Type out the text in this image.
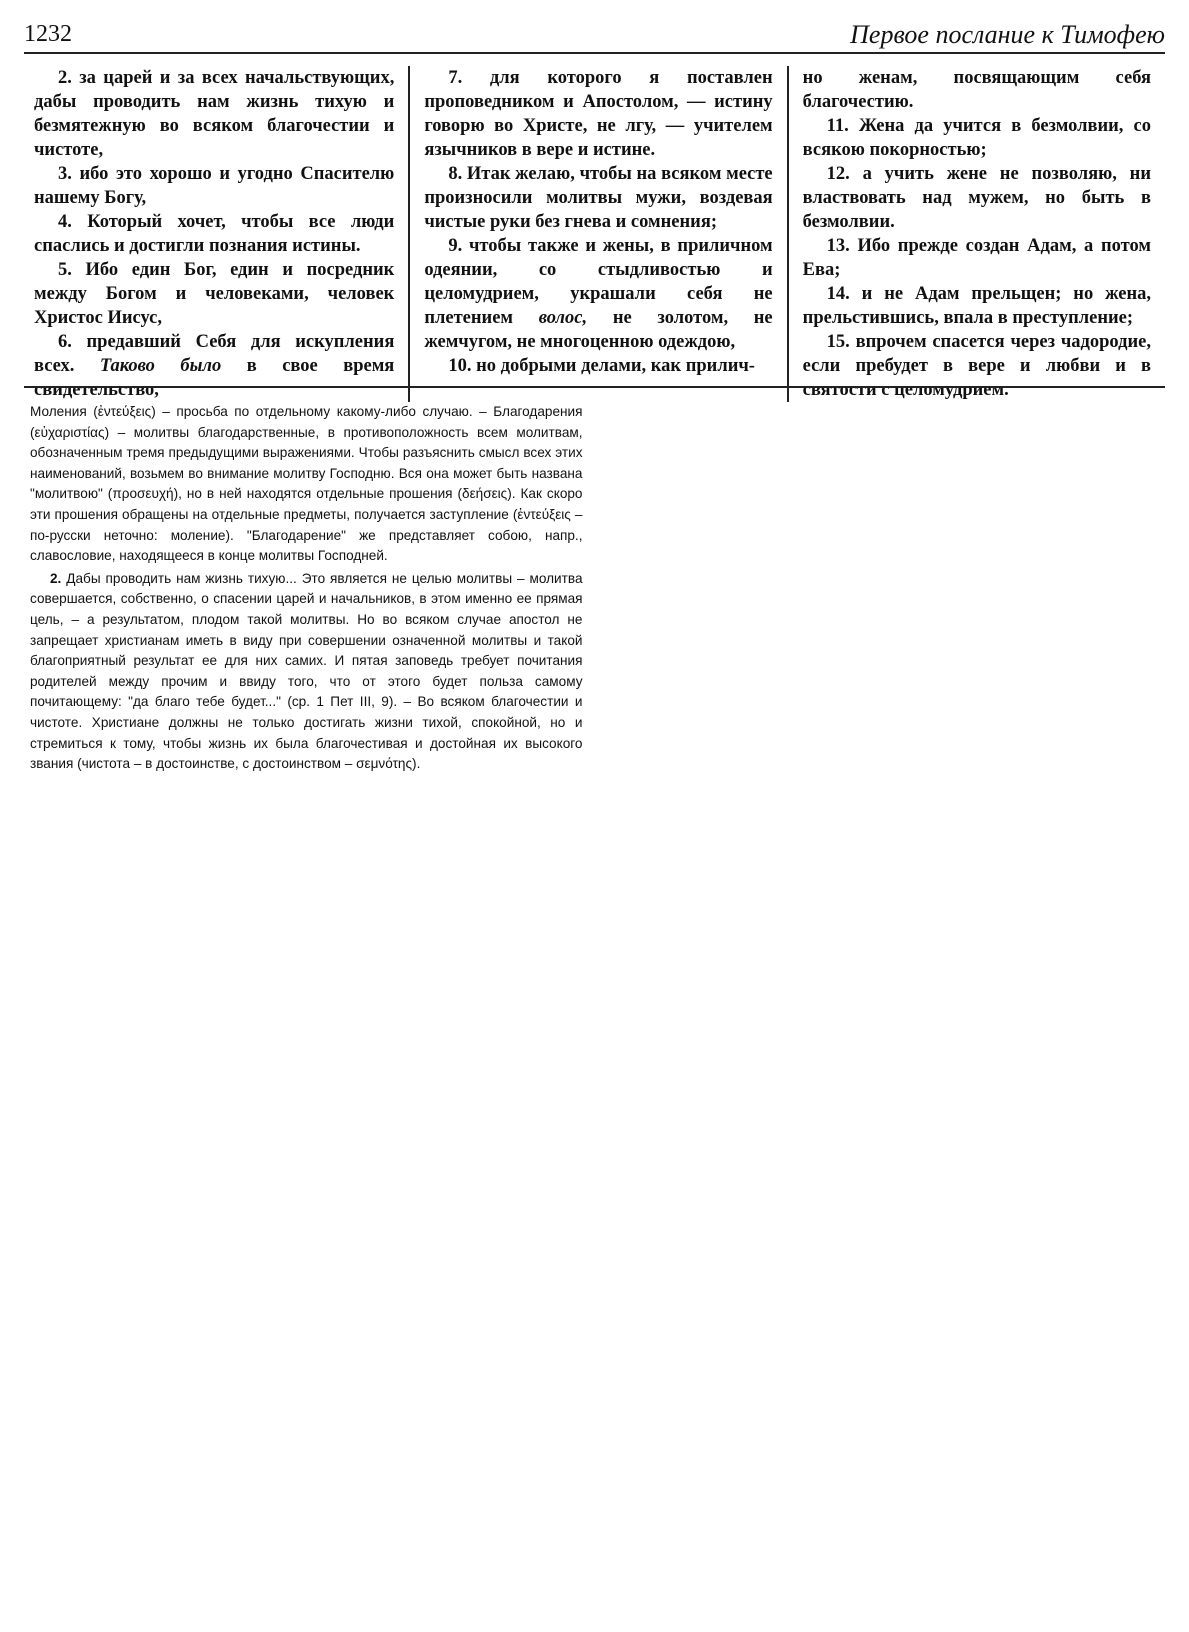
1232	Первое послание к Тимофею

2. за царей и за всех начальствующих, дабы проводить нам жизнь тихую и безмятежную во всяком благочестии и чистоте,

3. ибо это хорошо и угодно Спасителю нашему Богу,

4. Который хочет, чтобы все люди спаслись и достигли познания истины.

5. Ибо един Бог, един и посредник между Богом и человеками, человек Христос Иисус,

6. предавший Себя для искупления всех. Таково было в свое время свидетельство,

7. для которого я поставлен проповедником и Апостолом, — истину говорю во Христе, не лгу, — учителем язычников в вере и истине.

8. Итак желаю, чтобы на всяком месте произносили молитвы мужи, воздевая чистые руки без гнева и сомнения;

9. чтобы также и жены, в приличном одеянии, со стыдливостью и целомудрием, украшали себя не плетением волос, не золотом, не жемчугом, не многоценною одеждою,

10. но добрыми делами, как прилич-

но женам, посвящающим себя благочестию.

11. Жена да учится в безмолвии, со всякою покорностью;

12. а учить жене не позволяю, ни властвовать над мужем, но быть в безмолвии.

13. Ибо прежде создан Адам, а потом Ева;

14. и не Адам прельщен; но жена, прельстившись, впала в преступление;

15. впрочем спасется через чадородие, если пребудет в вере и любви и в святости с целомудрием.

Моления (ἐντεύξεις) – просьба по отдельному какому-либо случаю. – Благодарения (εὐχαριστίας) – молитвы благодарственные, в противоположность всем молитвам, обозначенным тремя предыдущими выражениями. Чтобы разъяснить смысл всех этих наименований, возьмем во внимание молитву Господню. Вся она может быть названа "молитвою" (προσευχή), но в ней находятся отдельные прошения (δεήσεις). Как скоро эти прошения обращены на отдельные предметы, получается заступление (ἐντεύξεις – по-русски неточно: моление). "Благодарение" же представляет собою, напр., славословие, находящееся в конце молитвы Господней.

2. Дабы проводить нам жизнь тихую... Это является не целью молитвы – молитва совершается, собственно, о спасении царей и начальников, в этом именно ее прямая цель, – а результатом, плодом такой молитвы. Но во всяком случае апостол не запрещает христианам иметь в виду при совершении означенной молитвы и такой благоприятный результат ее для них самих. И пятая заповедь требует почитания родителей между прочим и ввиду того, что от этого будет польза самому почитающему: "да благо тебе будет..." (ср. 1 Пет III, 9). – Во всяком благочестии и чистоте. Христиане должны не только достигать жизни тихой, спокойной, но и стремиться к тому, чтобы жизнь их была благочестивая и достойная их высокого звания (чистота – в достоинстве, с достоинством – σεμνότης).
